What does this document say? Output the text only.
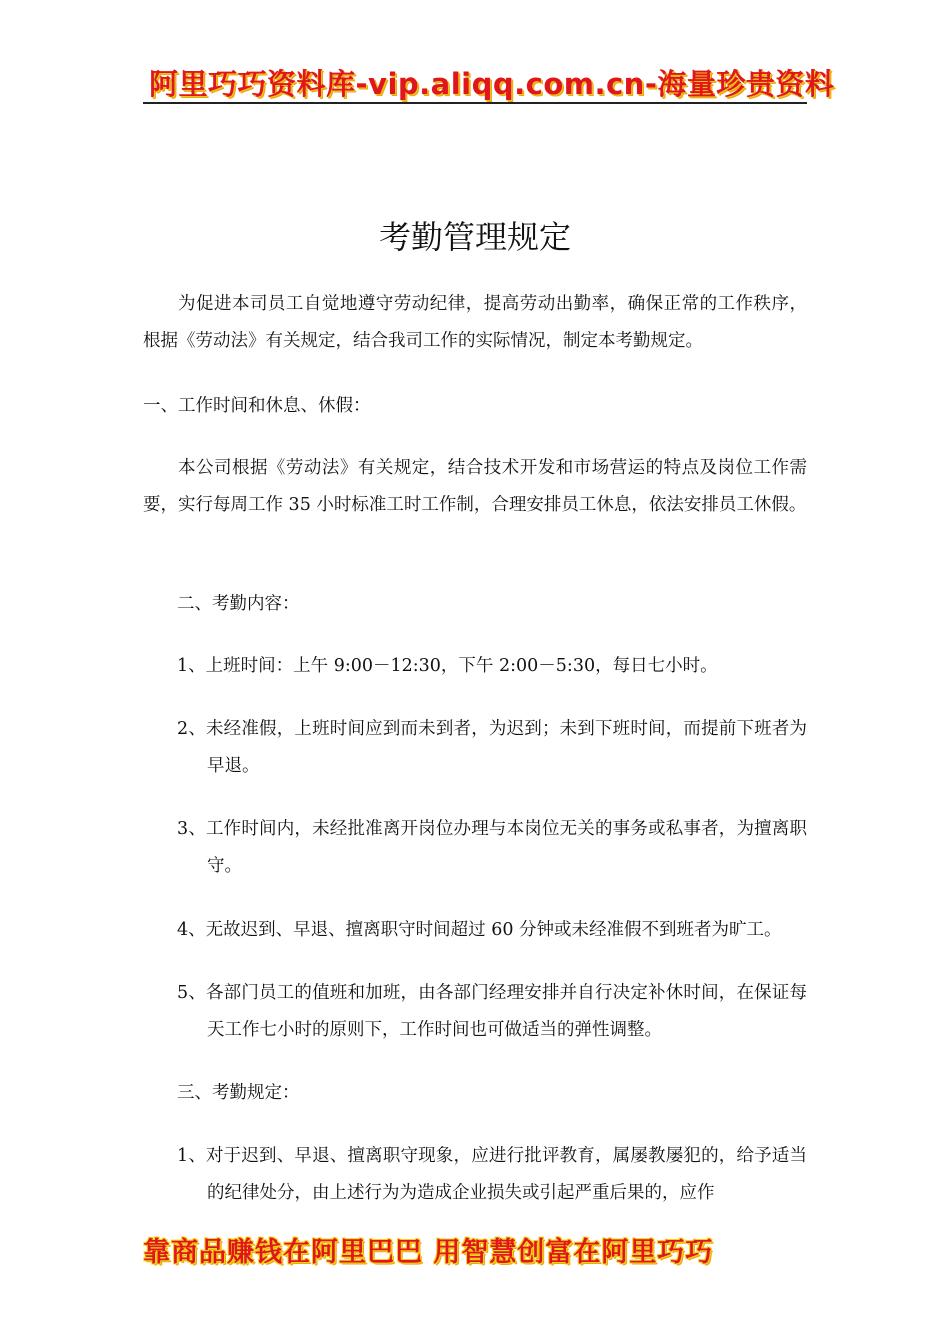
阿里巧巧资料库-vip.aliqq.com.cn-海量珍贵资料
考勤管理规定
为促进本司员工自觉地遵守劳动纪律，提高劳动出勤率，确保正常的工作秩序，根据《劳动法》有关规定，结合我司工作的实际情况，制定本考勤规定。
一、工作时间和休息、休假：
本公司根据《劳动法》有关规定，结合技术开发和市场营运的特点及岗位工作需要，实行每周工作 35 小时标准工时工作制，合理安排员工休息，依法安排员工休假。
二、考勤内容：
1、上班时间：上午 9:00－12:30，下午 2:00－5:30，每日七小时。
2、未经准假，上班时间应到而未到者，为迟到；未到下班时间，而提前下班者为早退。
3、工作时间内，未经批准离开岗位办理与本岗位无关的事务或私事者，为擅离职守。
4、无故迟到、早退、擅离职守时间超过 60 分钟或未经准假不到班者为旷工。
5、各部门员工的值班和加班，由各部门经理安排并自行决定补休时间，在保证每天工作七小时的原则下，工作时间也可做适当的弹性调整。
三、考勤规定：
1、对于迟到、早退、擅离职守现象，应进行批评教育，属屡教屡犯的，给予适当的纪律处分，由上述行为为造成企业损失或引起严重后果的，应作
靠商品赚钱在阿里巴巴 用智慧创富在阿里巧巧
